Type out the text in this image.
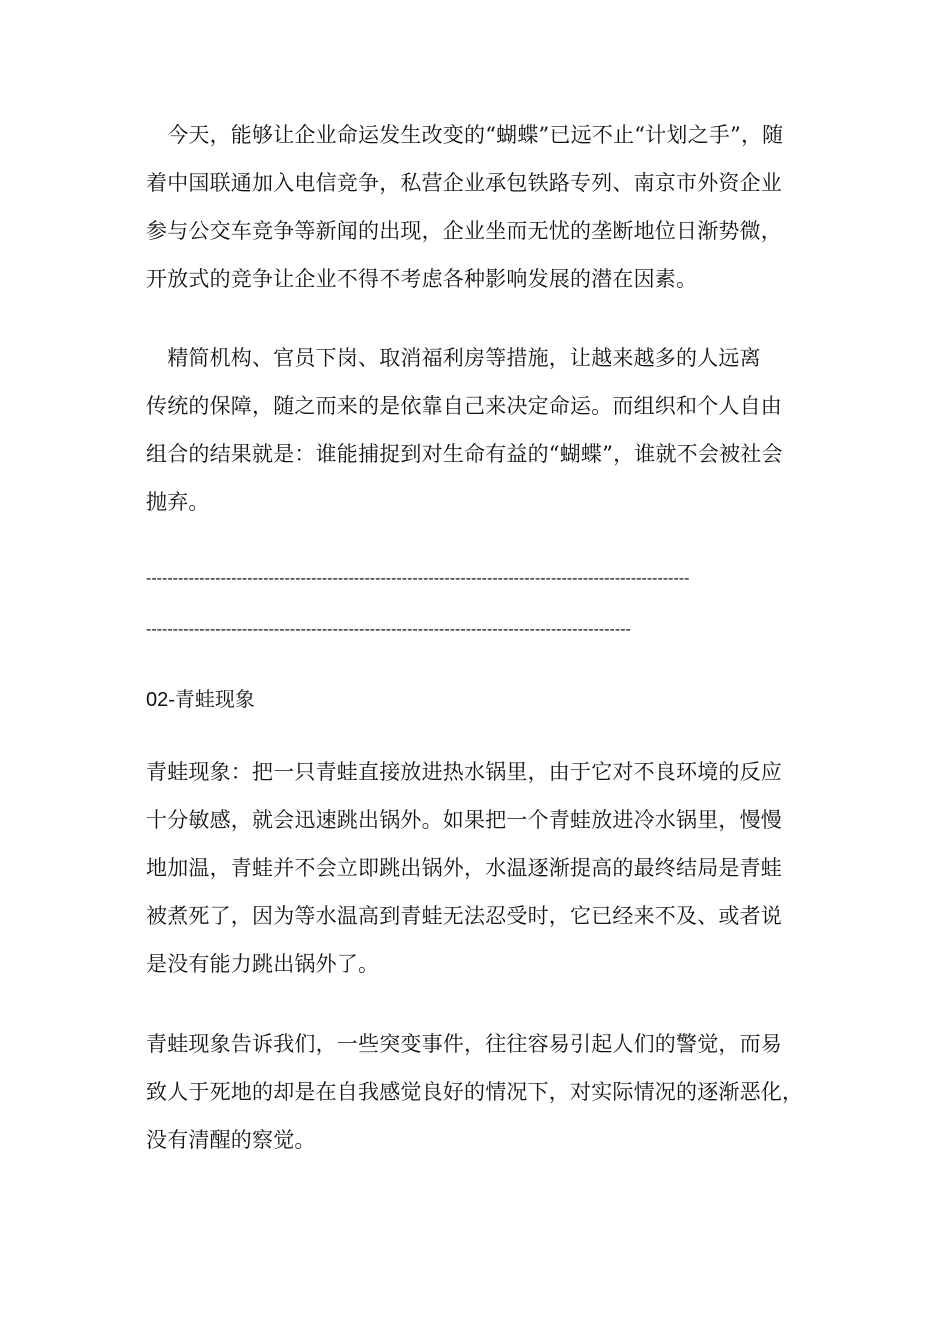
　今天，能够让企业命运发生改变的“蝴蝶”已远不止“计划之手”，随
着中国联通加入电信竞争，私营企业承包铁路专列、南京市外资企业
参与公交车竞争等新闻的出现，企业坐而无忧的垄断地位日渐势微，
开放式的竞争让企业不得不考虑各种影响发展的潜在因素。

　精简机构、官员下岗、取消福利房等措施，让越来越多的人远离
传统的保障，随之而来的是依靠自己来决定命运。而组织和个人自由
组合的结果就是：谁能捕捉到对生命有益的“蝴蝶”，谁就不会被社会
抛弃。

------------------------------------------------------------------------------------------------------
-------------------------------------------------------------------------------------------
02-青蛙现象

青蛙现象：把一只青蛙直接放进热水锅里，由于它对不良环境的反应
十分敏感，就会迅速跳出锅外。如果把一个青蛙放进冷水锅里，慢慢
地加温，青蛙并不会立即跳出锅外，水温逐渐提高的最终结局是青蛙
被煮死了，因为等水温高到青蛙无法忍受时，它已经来不及、或者说
是没有能力跳出锅外了。

青蛙现象告诉我们，一些突变事件，往往容易引起人们的警觉，而易
致人于死地的却是在自我感觉良好的情况下，对实际情况的逐渐恶化，
没有清醒的察觉。
